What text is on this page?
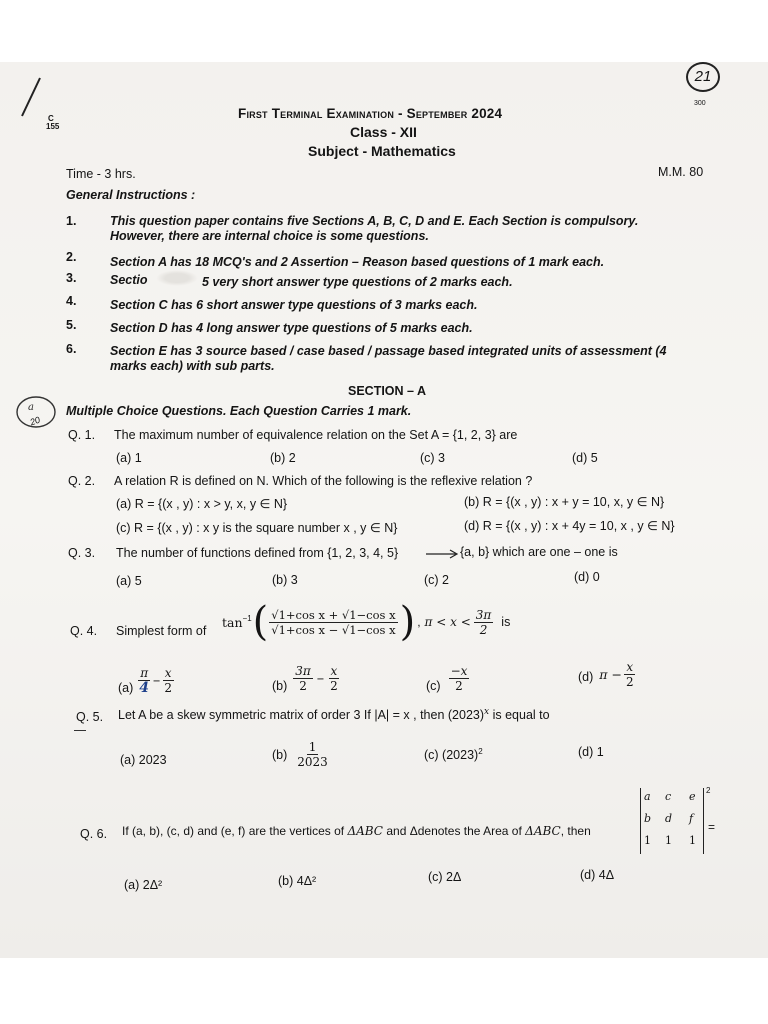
C
155
21
300
First Terminal Examination - September 2024
Class - XII
Subject - Mathematics
Time - 3 hrs.	M.M. 80
General Instructions :
1.	This question paper contains five Sections A, B, C, D and E. Each Section is compulsory.
However, there are internal choice is some questions.
2.	Section A has 18 MCQ's and 2 Assertion – Reason based questions of 1 mark each.
3.	Sectio	5 very short answer type questions of 2 marks each.
4.	Section C has 6 short answer type questions of 3 marks each.
5.	Section D has 4 long answer type questions of 5 marks each.
6.	Section E has 3 source based / case based / passage based integrated units of assessment (4
marks each) with sub parts.
SECTION – A
a
20
Multiple Choice Questions. Each Question Carries 1 mark.
Q. 1. The maximum number of equivalence relation on the Set A = {1, 2, 3} are
(a) 1	(b) 2	(c) 3	(d) 5
Q. 2. A relation R is defined on N. Which of the following is the reflexive relation ?
(a) R = {(x , y) : x > y, x, y ∈ N}	(b) R = {(x , y) : x + y = 10, x, y ∈ N}
(c) R = {(x , y) : x y is the square number x , y ∈ N}	(d) R = {(x , y) : x + 4y = 10, x , y ∈ N}
Q. 3. The number of functions defined from {1, 2, 3, 4, 5}	{a, b} which are one – one is
(a) 5	(b) 3	(c) 2	(d) 0
Q. 4. Simplest form of
$\tan^{-1}$ ( $\frac{\text{√1+cos x + √1−cos x}}{\text{√1+cos x − √1−cos x}}$ ) , $\pi < x < \frac{3\pi}{2}$ is
$(a) \frac{\pi}{4} - \frac{x}{2}$	$(b) \frac{3\pi}{2} - \frac{x}{2}$	$(c) \frac{-x}{2}$	(d) $\pi - \frac{x}{2}$
Q. 5. Let A be a skew symmetric matrix of order 3 If |A| = x , then $(2023)^x$ is equal to
(a) 2023	$(b) \frac{1}{2023}$	(c) $(2023)^2$	(d) 1
Q. 6. If (a, b), (c, d) and (e, f) are the vertices of ΔABC and Δdenotes the Area of ΔABC, then
a c e
b d f
1 1 1
2
=
(a) 2Δ²	(b) 4Δ²	(c) 2Δ	(d) 4Δ
